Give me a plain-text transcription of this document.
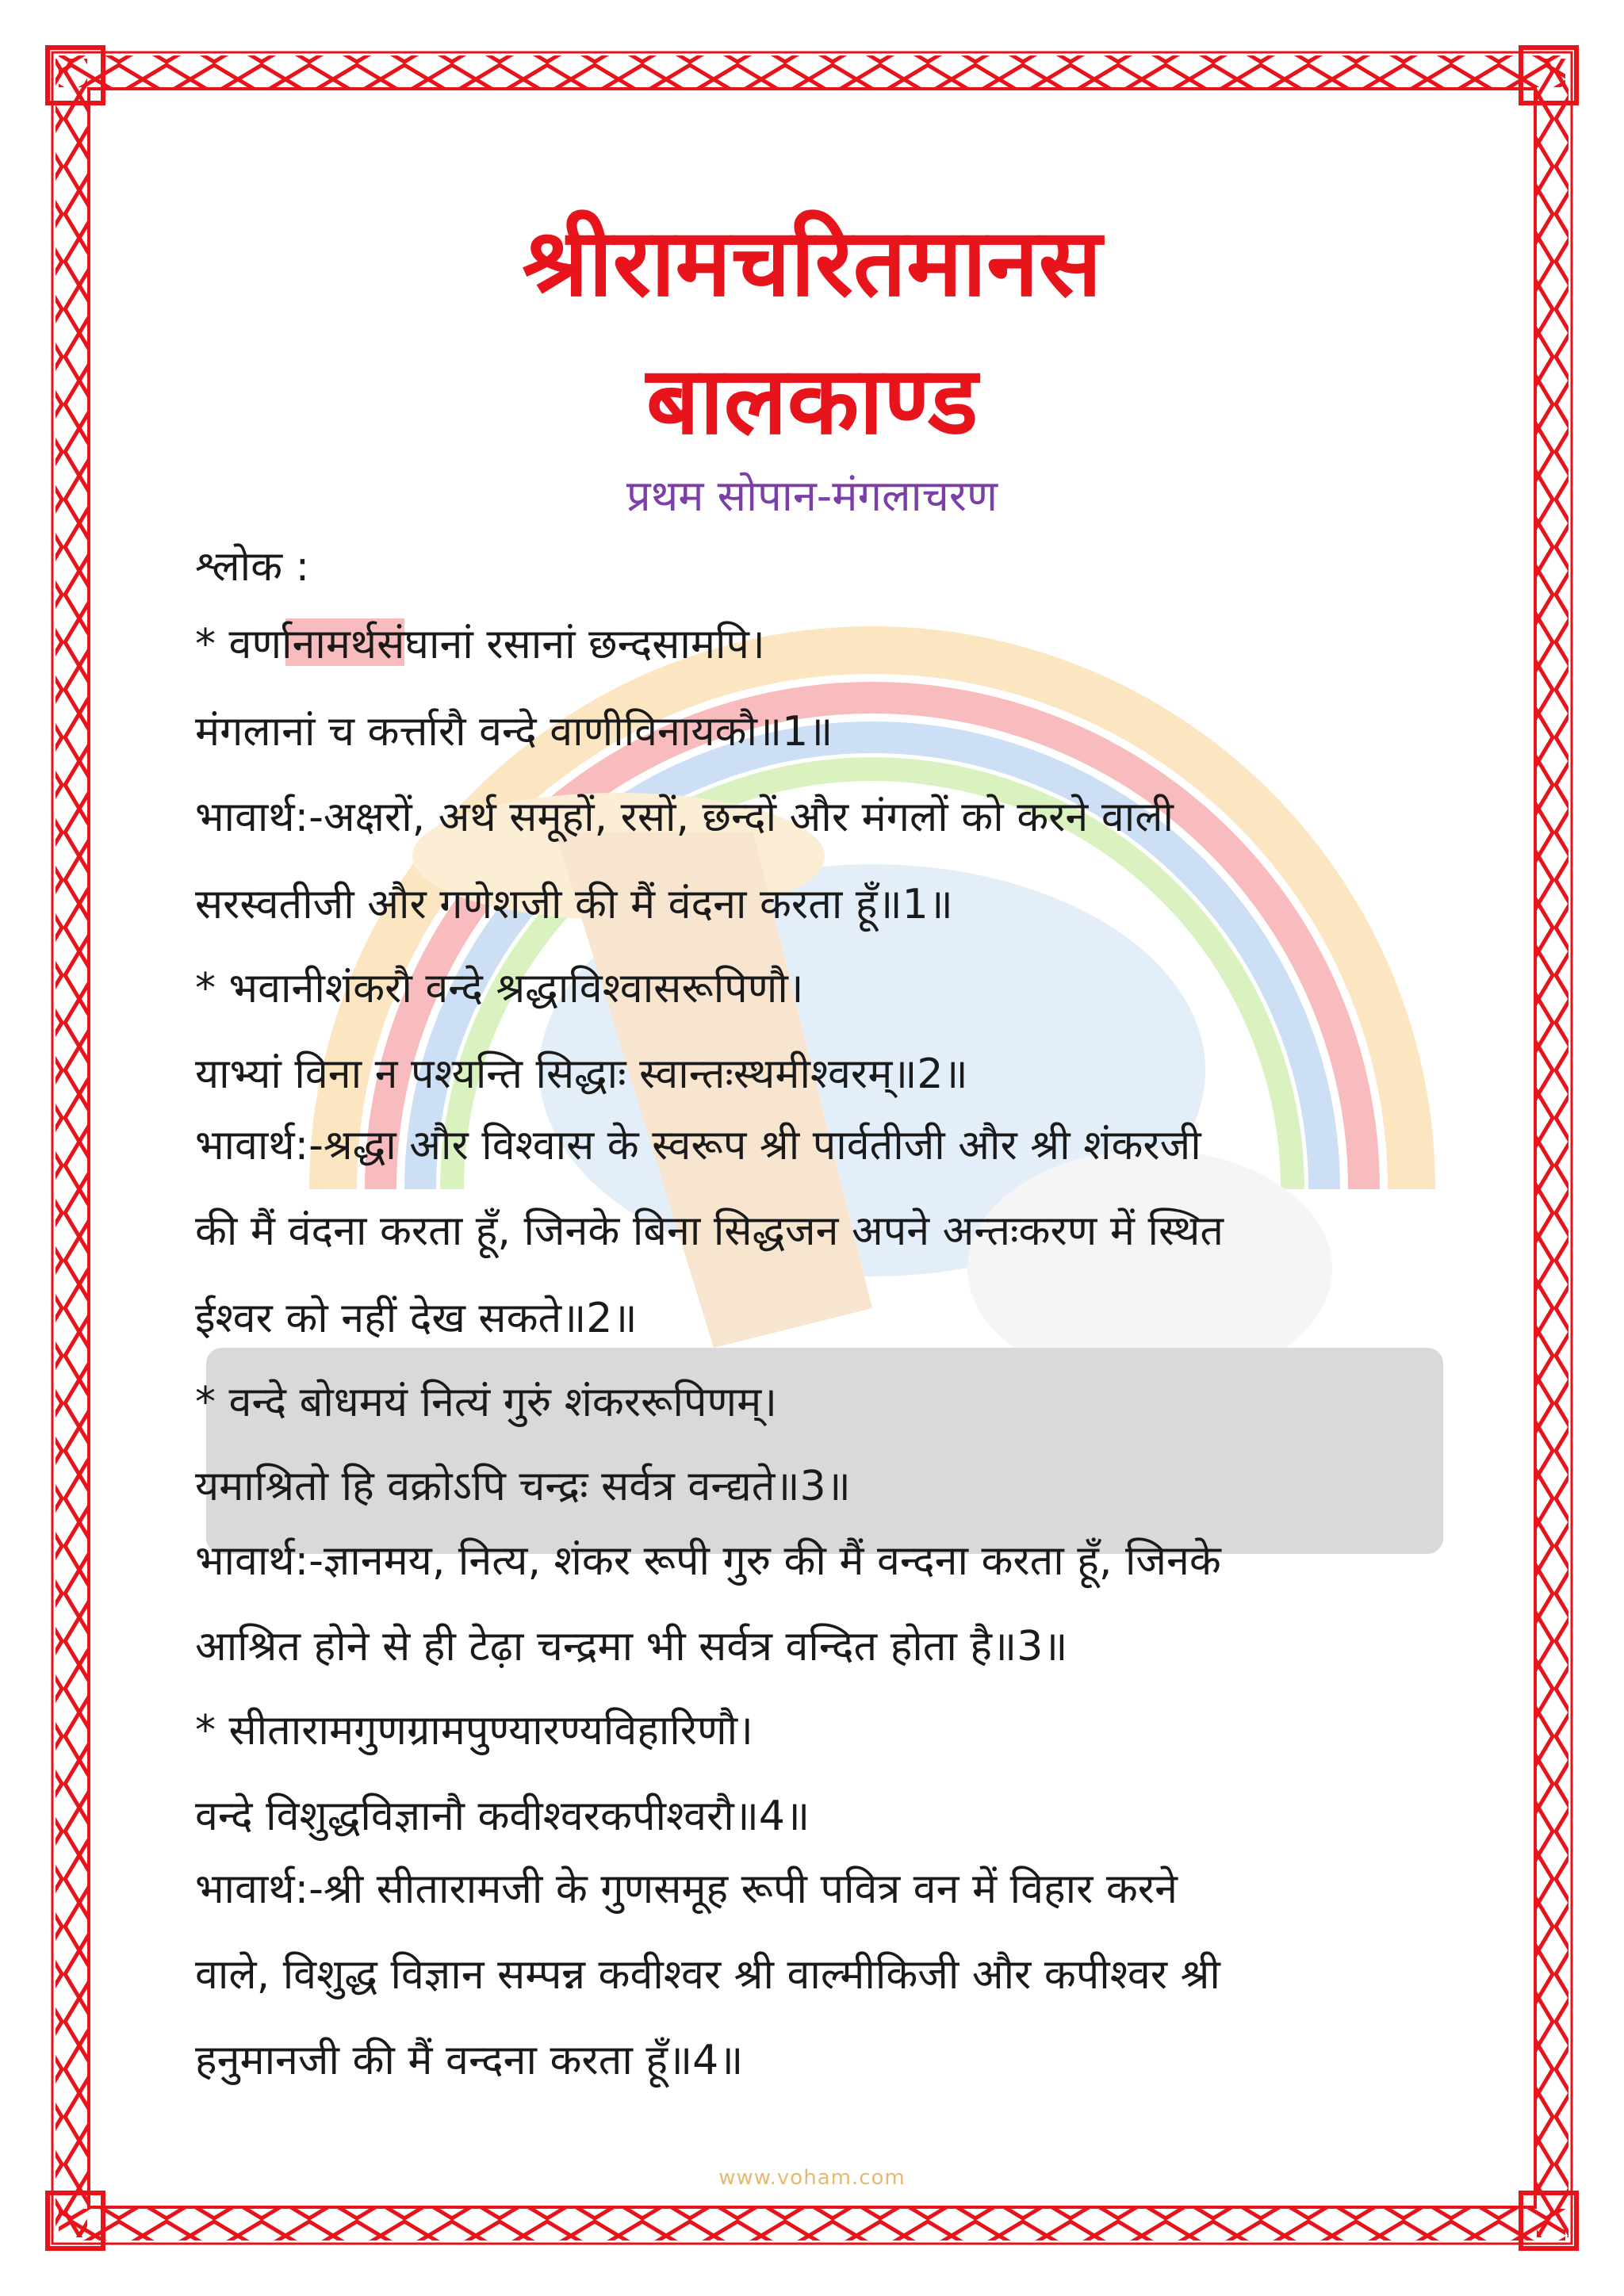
श्रीरामचरितमानस
बालकाण्ड
प्रथम सोपान-मंगलाचरण
श्लोक :
* वर्णानामर्थसंघानां रसानां छन्दसामपि।
मंगलानां च कर्त्तारौ वन्दे वाणीविनायकौ॥1॥
भावार्थ:-अक्षरों, अर्थ समूहों, रसों, छन्दों और मंगलों को करने वाली
सरस्वतीजी और गणेशजी की मैं वंदना करता हूँ॥1॥
* भवानीशंकरौ वन्दे श्रद्धाविश्वासरूपिणौ।
याभ्यां विना न पश्यन्ति सिद्धाः स्वान्तःस्थमीश्वरम्‌॥2॥
भावार्थ:-श्रद्धा और विश्वास के स्वरूप श्री पार्वतीजी और श्री शंकरजी
की मैं वंदना करता हूँ, जिनके बिना सिद्धजन अपने अन्तःकरण में स्थित
ईश्वर को नहीं देख सकते॥2॥
* वन्दे बोधमयं नित्यं गुरुं शंकररूपिणम्‌।
यमाश्रितो हि वक्रोऽपि चन्द्रः सर्वत्र वन्द्यते॥3॥
भावार्थ:-ज्ञानमय, नित्य, शंकर रूपी गुरु की मैं वन्दना करता हूँ, जिनके
आश्रित होने से ही टेढ़ा चन्द्रमा भी सर्वत्र वन्दित होता है॥3॥
* सीतारामगुणग्रामपुण्यारण्यविहारिणौ।
वन्दे विशुद्धविज्ञानौ कवीश्वरकपीश्वरौ॥4॥
भावार्थ:-श्री सीतारामजी के गुणसमूह रूपी पवित्र वन में विहार करने
वाले, विशुद्ध विज्ञान सम्पन्न कवीश्वर श्री वाल्मीकिजी और कपीश्वर श्री
हनुमानजी की मैं वन्दना करता हूँ॥4॥
www.voham.com
